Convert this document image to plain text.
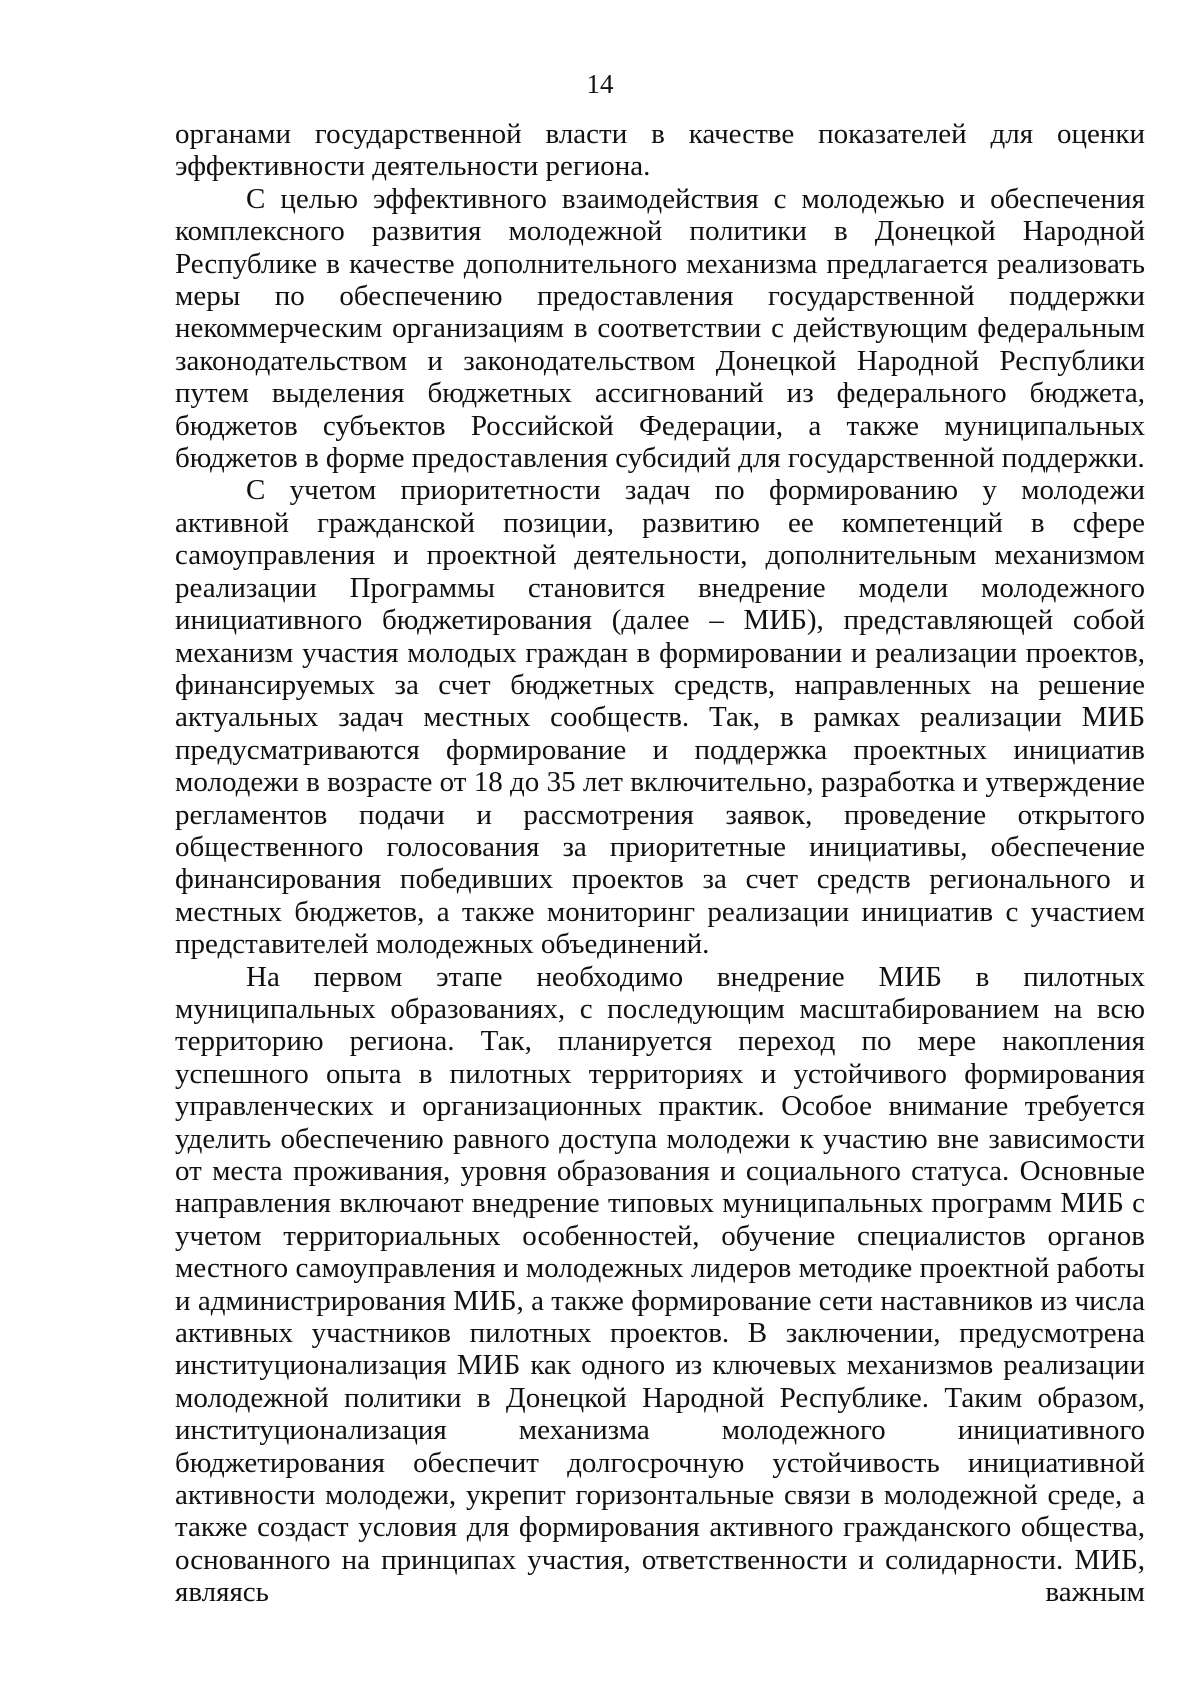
14

органами государственной власти в качестве показателей для оценки эффективности деятельности региона.

С целью эффективного взаимодействия с молодежью и обеспечения комплексного развития молодежной политики в Донецкой Народной Республике в качестве дополнительного механизма предлагается реализовать меры по обеспечению предоставления государственной поддержки некоммерческим организациям в соответствии с действующим федеральным законодательством и законодательством Донецкой Народной Республики путем выделения бюджетных ассигнований из федерального бюджета, бюджетов субъектов Российской Федерации, а также муниципальных бюджетов в форме предоставления субсидий для государственной поддержки.

С учетом приоритетности задач по формированию у молодежи активной гражданской позиции, развитию ее компетенций в сфере самоуправления и проектной деятельности, дополнительным механизмом реализации Программы становится внедрение модели молодежного инициативного бюджетирования (далее – МИБ), представляющей собой механизм участия молодых граждан в формировании и реализации проектов, финансируемых за счет бюджетных средств, направленных на решение актуальных задач местных сообществ. Так, в рамках реализации МИБ предусматриваются формирование и поддержка проектных инициатив молодежи в возрасте от 18 до 35 лет включительно, разработка и утверждение регламентов подачи и рассмотрения заявок, проведение открытого общественного голосования за приоритетные инициативы, обеспечение финансирования победивших проектов за счет средств регионального и местных бюджетов, а также мониторинг реализации инициатив с участием представителей молодежных объединений.

На первом этапе необходимо внедрение МИБ в пилотных муниципальных образованиях, с последующим масштабированием на всю территорию региона. Так, планируется переход по мере накопления успешного опыта в пилотных территориях и устойчивого формирования управленческих и организационных практик. Особое внимание требуется уделить обеспечению равного доступа молодежи к участию вне зависимости от места проживания, уровня образования и социального статуса. Основные направления включают внедрение типовых муниципальных программ МИБ с учетом территориальных особенностей, обучение специалистов органов местного самоуправления и молодежных лидеров методике проектной работы и администрирования МИБ, а также формирование сети наставников из числа активных участников пилотных проектов. В заключении, предусмотрена институционализация МИБ как одного из ключевых механизмов реализации молодежной политики в Донецкой Народной Республике. Таким образом, институционализация механизма молодежного инициативного бюджетирования обеспечит долгосрочную устойчивость инициативной активности молодежи, укрепит горизонтальные связи в молодежной среде, а также создаст условия для формирования активного гражданского общества, основанного на принципах участия, ответственности и солидарности. МИБ, являясь важным
